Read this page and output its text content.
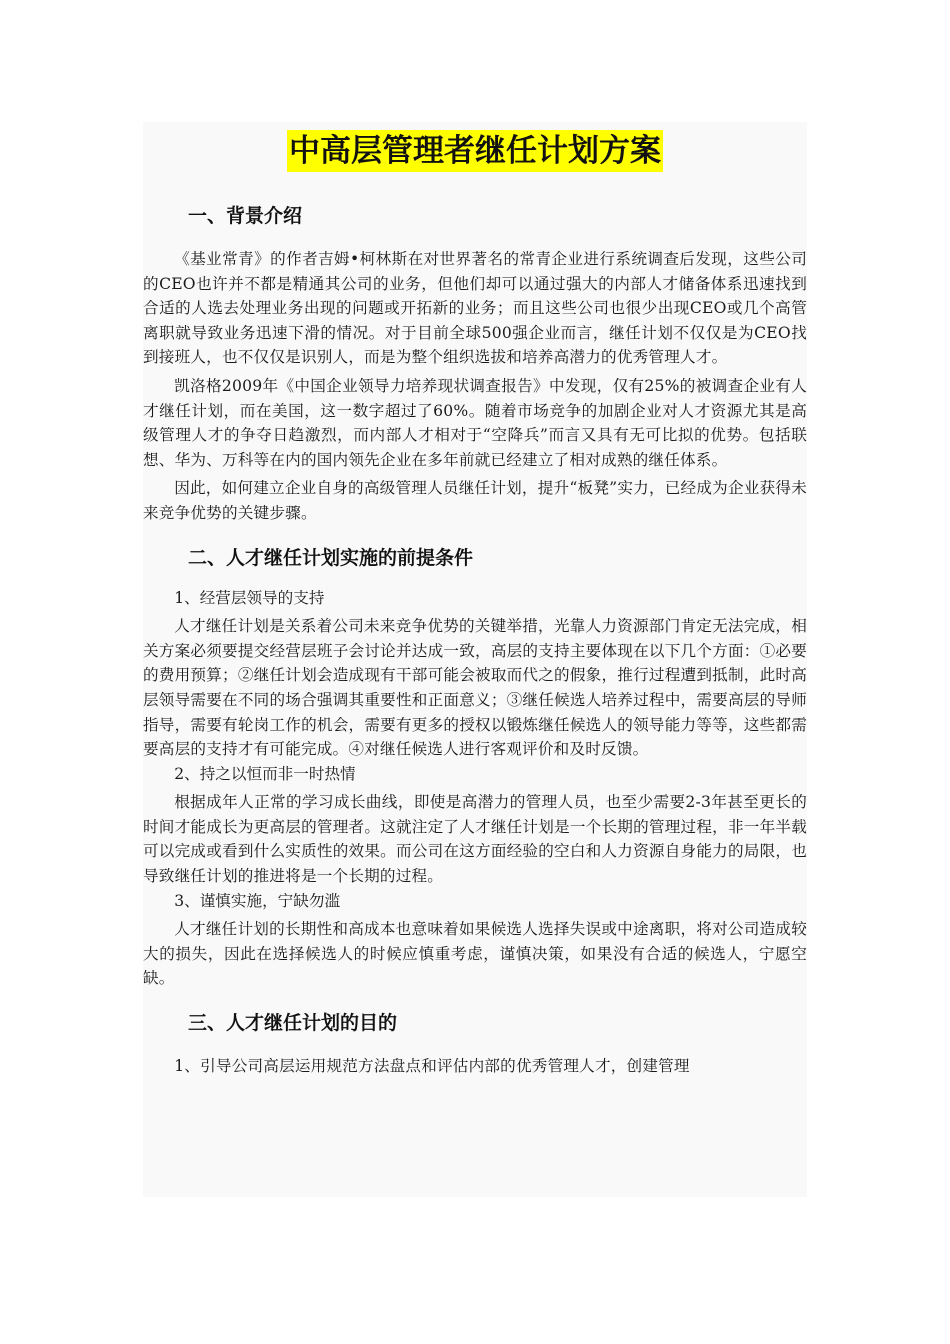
中高层管理者继任计划方案
一、背景介绍

《基业常青》的作者吉姆•柯林斯在对世界著名的常青企业进行系统调查后发现，这些公司的CEO也许并不都是精通其公司的业务，但他们却可以通过强大的内部人才储备体系迅速找到合适的人选去处理业务出现的问题或开拓新的业务；而且这些公司也很少出现CEO或几个高管离职就导致业务迅速下滑的情况。对于目前全球500强企业而言，继任计划不仅仅是为CEO找到接班人，也不仅仅是识别人，而是为整个组织选拔和培养高潜力的优秀管理人才。

凯洛格2009年《中国企业领导力培养现状调查报告》中发现，仅有25%的被调查企业有人才继任计划，而在美国，这一数字超过了60%。随着市场竞争的加剧企业对人才资源尤其是高级管理人才的争夺日趋激烈，而内部人才相对于“空降兵”而言又具有无可比拟的优势。包括联想、华为、万科等在内的国内领先企业在多年前就已经建立了相对成熟的继任体系。

因此，如何建立企业自身的高级管理人员继任计划，提升“板凳”实力，已经成为企业获得未来竞争优势的关键步骤。

二、人才继任计划实施的前提条件
1、经营层领导的支持

人才继任计划是关系着公司未来竞争优势的关键举措，光靠人力资源部门肯定无法完成，相关方案必须要提交经营层班子会讨论并达成一致，高层的支持主要体现在以下几个方面：①必要的费用预算；②继任计划会造成现有干部可能会被取而代之的假象，推行过程遭到抵制，此时高层领导需要在不同的场合强调其重要性和正面意义；③继任候选人培养过程中，需要高层的导师指导，需要有轮岗工作的机会，需要有更多的授权以锻炼继任候选人的领导能力等等，这些都需要高层的支持才有可能完成。④对继任候选人进行客观评价和及时反馈。

2、持之以恒而非一时热情

根据成年人正常的学习成长曲线，即使是高潜力的管理人员，也至少需要2-3年甚至更长的时间才能成长为更高层的管理者。这就注定了人才继任计划是一个长期的管理过程，非一年半载可以完成或看到什么实质性的效果。而公司在这方面经验的空白和人力资源自身能力的局限，也导致继任计划的推进将是一个长期的过程。

3、谨慎实施，宁缺勿滥

人才继任计划的长期性和高成本也意味着如果候选人选择失误或中途离职，将对公司造成较大的损失，因此在选择候选人的时候应慎重考虑，谨慎决策，如果没有合适的候选人，宁愿空缺。

三、人才继任计划的目的

1、引导公司高层运用规范方法盘点和评估内部的优秀管理人才，创建管理
